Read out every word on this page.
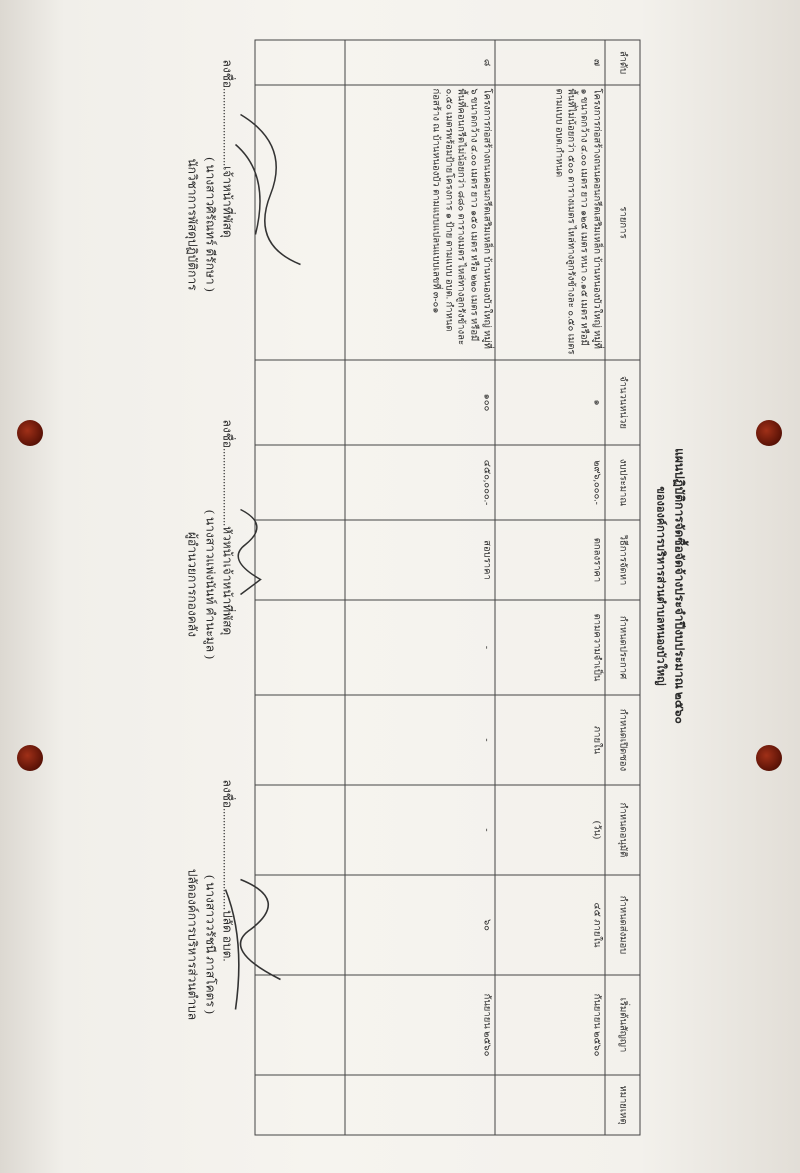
แผนปฏิบัติการจัดซื้อจัดจ้างประจำปีงบประมาณ ๒๕๖๐
ขององค์การบริหารส่วนตำบลหนองบัวใหญ่
ลำดับ	รายการ	จำนวนหน่วย	งบประมาณ	วิธีการจัดหา	กำหนดประกาศ	กำหนดเปิดซอง	กำหนดอนุมัติ	กำหนดส่งมอบ	เริ่มต้นสัญญา	หมายเหตุ
๗	โครงการก่อสร้างถนนคอนกรีตเสริมเหล็ก บ้านหนองบัวใหญ่ หมู่ที่ ๑ ขนาดกว้าง ๔.๐๐ เมตร ยาว ๑๒๕ เมตร หนา ๐.๑๕ เมตร หรือมีพื้นที่ไม่น้อยกว่า ๕๐๐ ตารางเมตร ไหล่ทางลูกรังข้างละ ๐.๕๐ เมตร ตามแบบ อบต.กำหนด	๑	๒๙๖,๐๐๐.-	ตกลงราคา	ตามความจำเป็น	ภายใน	(วัน)	๔๕ ภายใน	กันยายน ๒๕๖๐	
๘	โครงการก่อสร้างถนนคอนกรีตเสริมเหล็ก บ้านหนองบัวใหญ่ หมู่ที่ ๖ ขนาดกว้าง ๔.๐๐ เมตร ยาว ๑๕๐ เมตร หรือ ๒๒๐ เมตร หรือมีพื้นที่คอนกรีตไม่น้อยกว่า ๘๘๐ ตารางเมตร ไหล่ทางลูกรังข้างละ ๐.๕๐ เมตรพร้อมป้ายโครงการ ๑ ป้าย ตามแบบ อบต. กำหนด ก่อสร้าง ณ บ้านหนองบัว ตามแบบแปลนแบบเลขที่ ๓-๐๑	๑๐๐	๔๕๐,๐๐๐.-	สอบราคา	-	-	-	๖๐	กันยายน ๒๕๖๐	

ลงชื่อ..........................เจ้าหน้าที่พัสดุ
( นางสาวศิรัณทร์ ดีรักษา )
นักวิชาการพัสดุปฏิบัติการ
ลงชื่อ..........................หัวหน้าเจ้าหน้าที่พัสดุ
( นางสาวแพ่งนันท์ คำนะมูล )
ผู้อำนวยการกองคลัง
ลงชื่อ..................................ปลัด อบต.
( นางสาววรัชนี ภาสโคตร )
ปลัดองค์การบริหารส่วนตำบล
